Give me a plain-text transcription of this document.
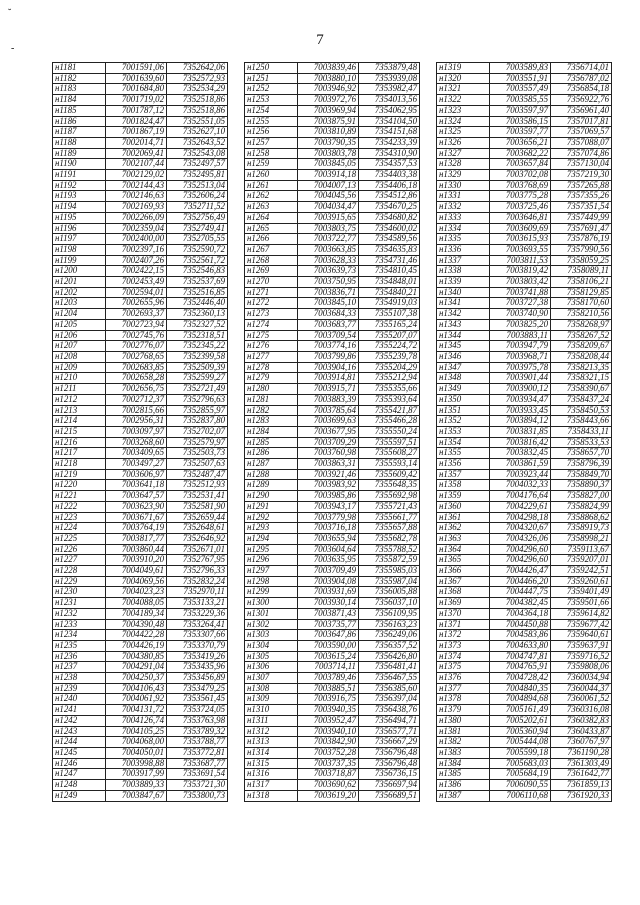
˘
-
7
н1181	7001591,06	7352642,06
н1182	7001639,60	7352572,93
н1183	7001684,80	7352534,29
н1184	7001719,02	7352518,86
н1185	7001787,12	7352518,86
н1186	7001824,47	7352551,05
н1187	7001867,19	7352627,10
н1188	7002014,71	7352643,52
н1189	7002069,41	7352543,08
н1190	7002107,44	7352497,57
н1191	7002129,02	7352495,81
н1192	7002144,43	7352513,04
н1193	7002146,63	7352606,24
н1194	7002169,93	7352711,52
н1195	7002266,09	7352756,49
н1196	7002359,04	7352749,41
н1197	7002400,00	7352705,55
н1198	7002397,16	7352590,72
н1199	7002407,26	7352561,72
н1200	7002422,15	7352546,83
н1201	7002453,49	7352537,69
н1202	7002594,01	7352516,85
н1203	7002655,96	7352446,40
н1204	7002693,37	7352360,13
н1205	7002723,94	7352327,52
н1206	7002745,76	7352318,51
н1207	7002776,07	7352345,22
н1208	7002768,65	7352399,58
н1209	7002683,85	7352509,39
н1210	7002658,28	7352599,27
н1211	7002656,75	7352721,49
н1212	7002712,37	7352796,63
н1213	7002815,66	7352855,97
н1214	7002956,31	7352837,80
н1215	7003097,97	7352702,07
н1216	7003268,60	7352579,97
н1217	7003409,65	7352503,73
н1218	7003497,27	7352507,63
н1219	7003606,97	7352487,47
н1220	7003641,18	7352512,93
н1221	7003647,57	7352531,41
н1222	7003623,90	7352581,90
н1223	7003671,67	7352659,44
н1224	7003764,19	7352648,61
н1225	7003817,77	7352646,92
н1226	7003860,44	7352671,01
н1227	7003910,20	7352767,95
н1228	7004049,61	7352796,33
н1229	7004069,56	7352832,24
н1230	7004023,23	7352970,11
н1231	7004088,05	7353133,21
н1232	7004189,34	7353229,36
н1233	7004390,48	7353264,41
н1234	7004422,28	7353307,66
н1235	7004426,19	7353370,79
н1236	7004380,85	7353419,26
н1237	7004291,04	7353435,96
н1238	7004250,37	7353456,89
н1239	7004106,43	7353479,25
н1240	7004061,92	7353561,45
н1241	7004131,72	7353724,05
н1242	7004126,74	7353763,98
н1243	7004105,25	7353789,32
н1244	7004068,00	7353788,77
н1245	7004050,01	7353772,81
н1246	7003998,88	7353687,77
н1247	7003917,99	7353691,54
н1248	7003889,33	7353721,30
н1249	7003847,67	7353800,73
н1250	7003839,46	7353879,48
н1251	7003880,10	7353939,08
н1252	7003946,92	7353982,47
н1253	7003972,76	7354013,56
н1254	7003969,94	7354062,95
н1255	7003875,91	7354104,50
н1256	7003810,89	7354151,68
н1257	7003790,35	7354233,39
н1258	7003803,78	7354310,90
н1259	7003845,05	7354357,53
н1260	7003914,18	7354403,38
н1261	7004007,13	7354406,18
н1262	7004045,56	7354512,86
н1263	7004034,47	7354670,25
н1264	7003915,65	7354680,82
н1265	7003803,75	7354600,02
н1266	7003722,77	7354589,56
н1267	7003663,85	7354635,83
н1268	7003628,33	7354731,46
н1269	7003639,73	7354810,45
н1270	7003750,95	7354848,01
н1271	7003836,71	7354840,21
н1272	7003845,10	7354919,03
н1273	7003684,33	7355107,38
н1274	7003683,77	7355165,24
н1275	7003709,54	7355207,07
н1276	7003774,16	7355224,72
н1277	7003799,86	7355239,78
н1278	7003904,16	7355204,29
н1279	7003914,81	7355212,94
н1280	7003915,71	7355355,66
н1281	7003883,39	7355393,64
н1282	7003785,64	7355421,87
н1283	7003699,63	7355466,28
н1284	7003677,95	7355550,24
н1285	7003709,29	7355597,51
н1286	7003760,98	7355608,27
н1287	7003863,31	7355593,14
н1288	7003921,46	7355609,42
н1289	7003983,92	7355648,35
н1290	7003985,86	7355692,98
н1291	7003943,17	7355721,43
н1292	7003779,98	7355661,77
н1293	7003716,18	7355657,88
н1294	7003655,94	7355682,78
н1295	7003604,64	7355788,52
н1296	7003635,95	7355872,59
н1297	7003709,49	7355985,03
н1298	7003904,08	7355987,04
н1299	7003931,69	7356005,88
н1300	7003930,14	7356037,10
н1301	7003871,43	7356109,95
н1302	7003735,77	7356163,23
н1303	7003647,86	7356249,06
н1304	7003590,00	7356357,52
н1305	7003615,24	7356426,80
н1306	7003714,11	7356481,41
н1307	7003789,46	7356467,55
н1308	7003885,51	7356385,60
н1309	7003916,75	7356397,04
н1310	7003940,35	7356438,76
н1311	7003952,47	7356494,71
н1312	7003940,10	7356577,71
н1313	7003842,90	7356667,29
н1314	7003752,28	7356796,48
н1315	7003737,35	7356796,48
н1316	7003718,87	7356736,15
н1317	7003690,62	7356697,94
н1318	7003619,20	7356689,51
н1319	7003589,83	7356714,01
н1320	7003551,91	7356787,02
н1321	7003557,49	7356854,18
н1322	7003585,55	7356922,76
н1323	7003597,97	7356961,40
н1324	7003586,15	7357017,81
н1325	7003597,77	7357069,57
н1326	7003656,21	7357088,07
н1327	7003682,22	7357074,86
н1328	7003657,84	7357130,04
н1329	7003702,08	7357219,30
н1330	7003768,69	7357265,88
н1331	7003775,28	7357355,26
н1332	7003725,46	7357351,54
н1333	7003646,81	7357449,99
н1334	7003609,69	7357691,47
н1335	7003615,93	7357876,19
н1336	7003693,55	7357990,56
н1337	7003811,53	7358059,25
н1338	7003819,42	7358089,11
н1339	7003803,42	7358106,21
н1340	7003741,88	7358129,85
н1341	7003727,38	7358170,60
н1342	7003740,90	7358210,56
н1343	7003825,20	7358268,97
н1344	7003883,11	7358267,52
н1345	7003947,79	7358209,67
н1346	7003968,71	7358208,44
н1347	7003975,78	7358213,35
н1348	7003901,44	7358321,15
н1349	7003900,12	7358390,67
н1350	7003934,47	7358437,24
н1351	7003933,45	7358450,53
н1352	7003894,12	7358443,66
н1353	7003831,85	7358433,11
н1354	7003816,42	7358533,53
н1355	7003832,45	7358657,70
н1356	7003861,59	7358796,39
н1357	7003923,44	7358849,70
н1358	7004032,33	7358890,37
н1359	7004176,64	7358827,00
н1360	7004229,61	7358824,99
н1361	7004298,18	7358868,62
н1362	7004320,67	7358919,73
н1363	7004326,06	7358998,21
н1364	7004296,60	7359113,67
н1365	7004296,60	7359207,01
н1366	7004426,47	7359242,51
н1367	7004466,20	7359260,61
н1368	7004447,75	7359401,49
н1369	7004382,45	7359501,66
н1370	7004364,18	7359614,82
н1371	7004450,88	7359677,42
н1372	7004583,86	7359640,61
н1373	7004633,80	7359637,91
н1374	7004747,81	7359716,52
н1375	7004765,91	7359808,06
н1376	7004728,42	7360034,94
н1377	7004840,35	7360044,37
н1378	7004894,68	7360061,52
н1379	7005161,49	7360316,08
н1380	7005202,61	7360382,83
н1381	7005360,94	7360433,87
н1382	7005444,08	7360767,97
н1383	7005599,18	7361190,28
н1384	7005683,03	7361303,49
н1385	7005684,19	7361642,77
н1386	7006090,55	7361859,13
н1387	7006110,68	7361920,33
